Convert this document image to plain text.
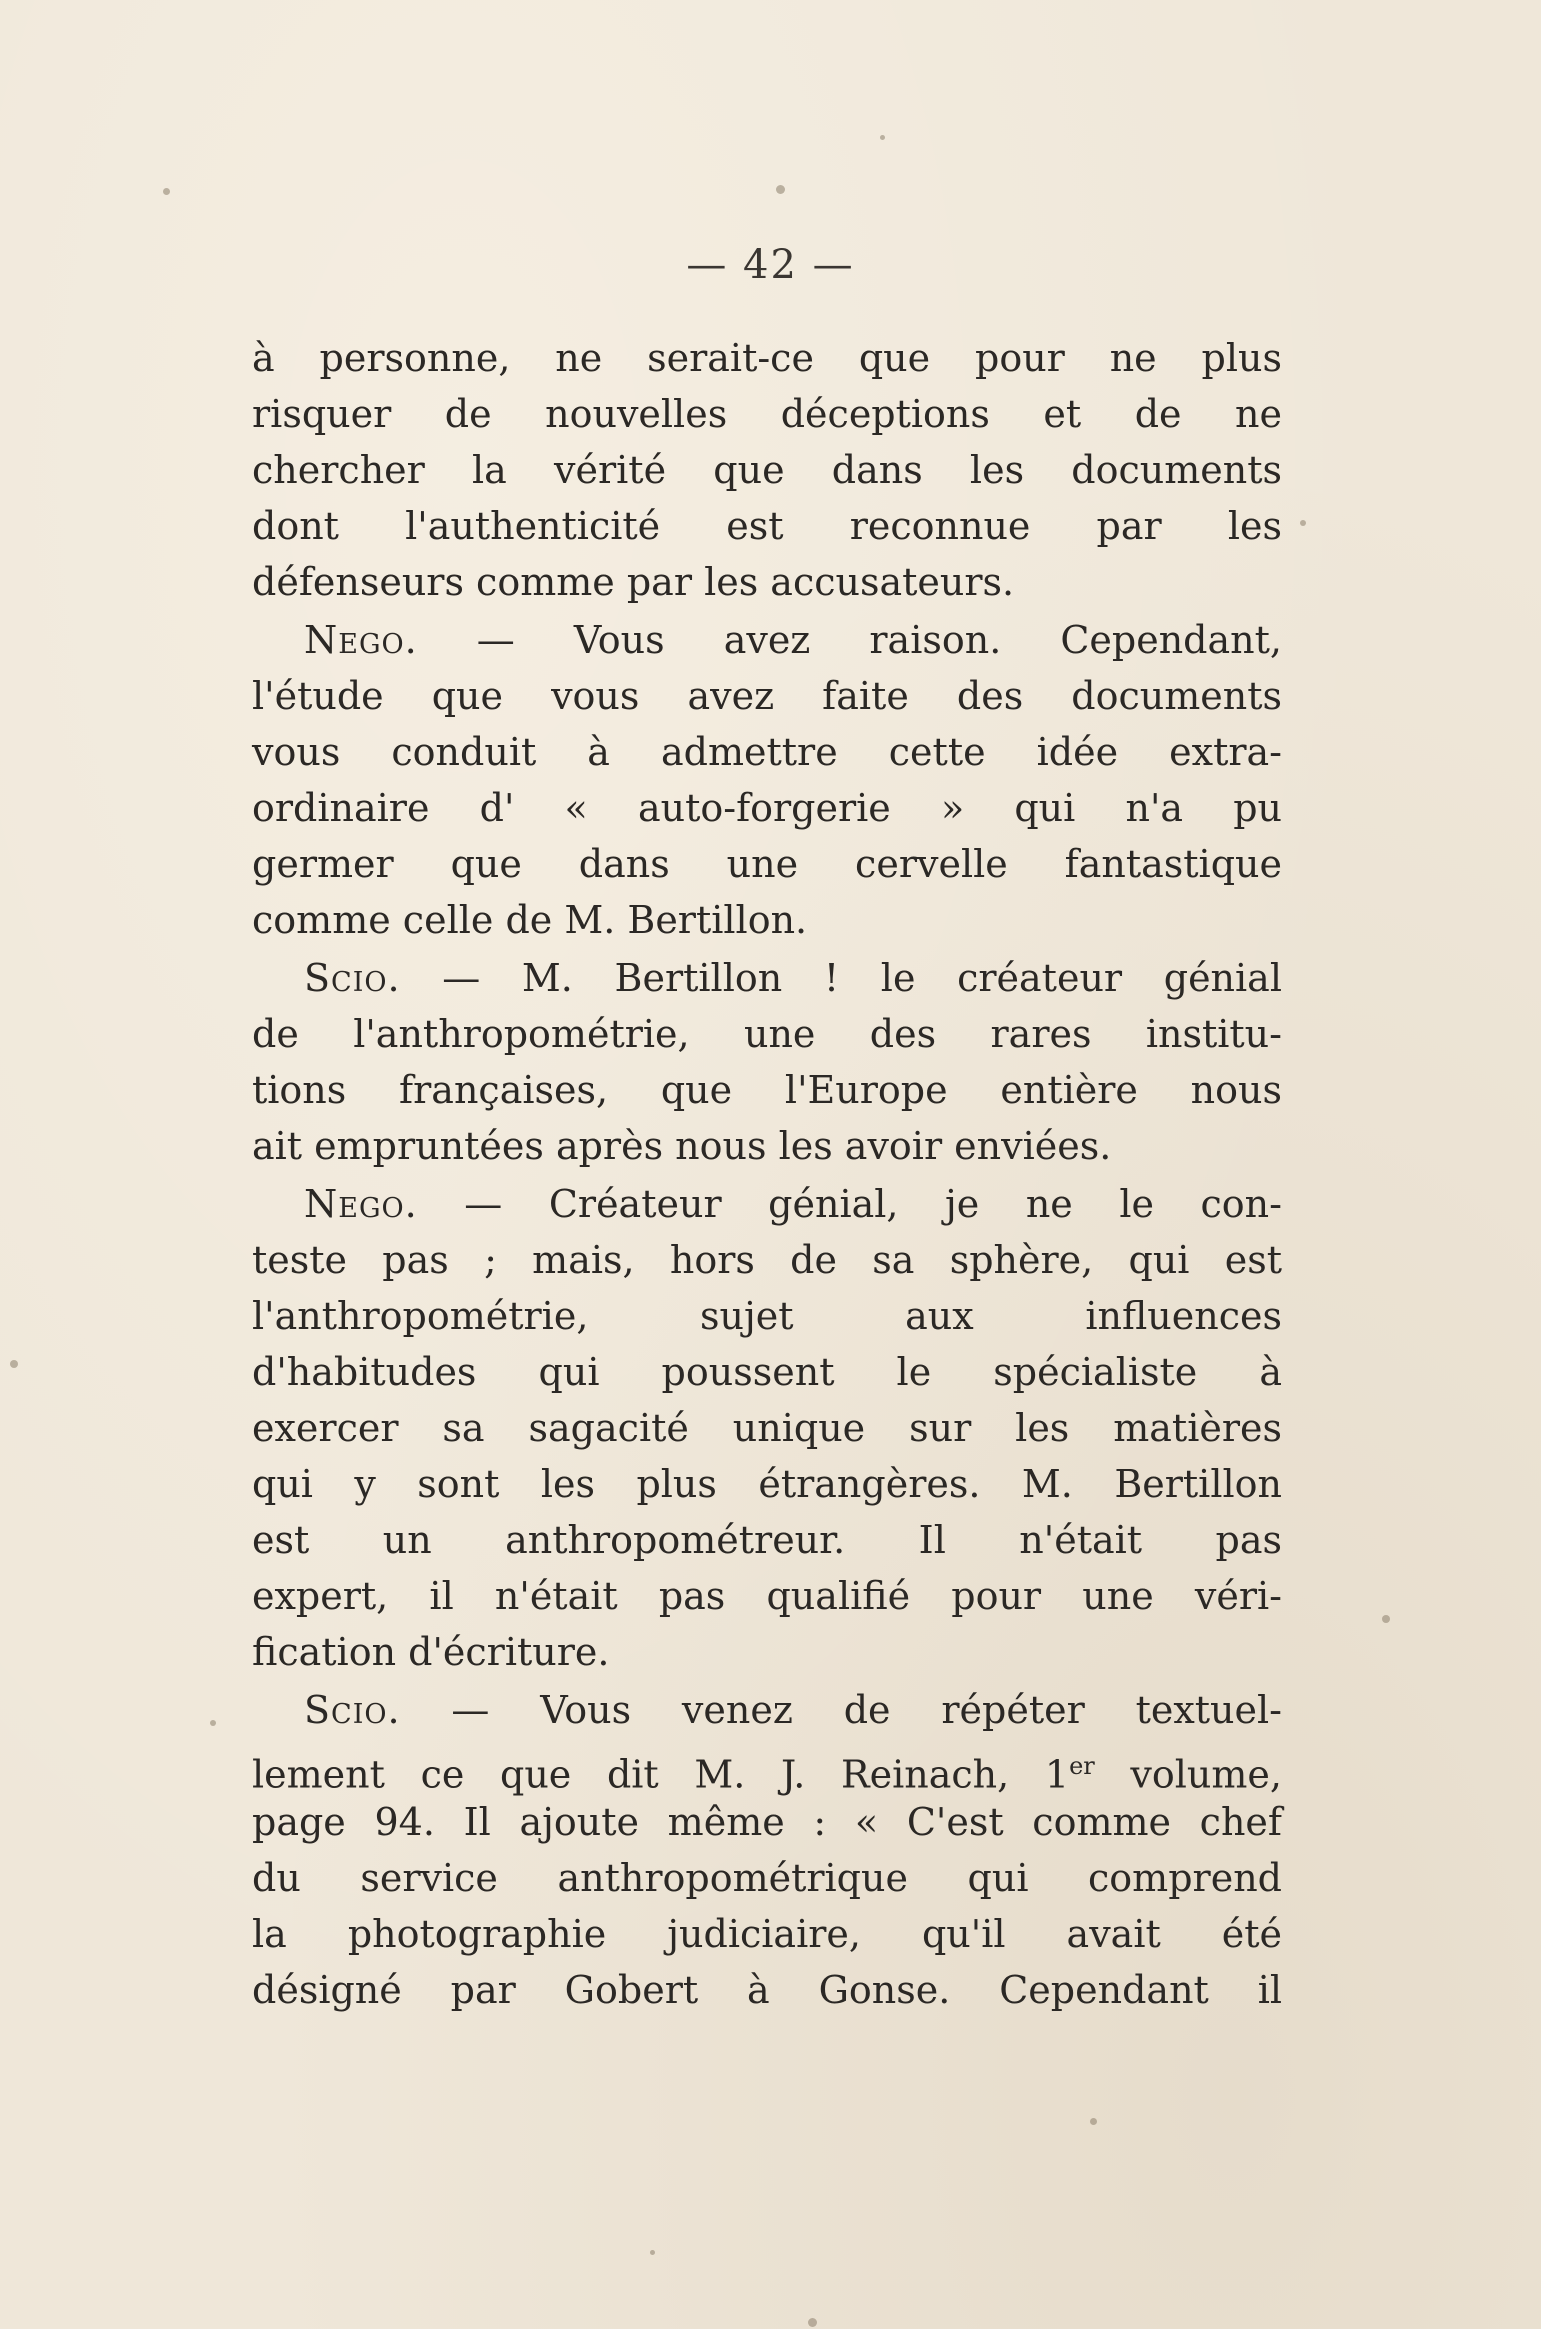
— 42 —
à personne, ne serait-ce que pour ne plus
risquer de nouvelles déceptions et de ne
chercher la vérité que dans les documents
dont l'authenticité est reconnue par les
défenseurs comme par les accusateurs.
Nego. — Vous avez raison. Cependant,
l'étude que vous avez faite des documents
vous conduit à admettre cette idée extra-
ordinaire d' « auto-forgerie » qui n'a pu
germer que dans une cervelle fantastique
comme celle de M. Bertillon.
Scio. — M. Bertillon ! le créateur génial
de l'anthropométrie, une des rares institu-
tions françaises, que l'Europe entière nous
ait empruntées après nous les avoir enviées.
Nego. — Créateur génial, je ne le con-
teste pas ; mais, hors de sa sphère, qui est
l'anthropométrie, sujet aux influences
d'habitudes qui poussent le spécialiste à
exercer sa sagacité unique sur les matières
qui y sont les plus étrangères. M. Bertillon
est un anthropométreur. Il n'était pas
expert, il n'était pas qualifié pour une véri-
fication d'écriture.
Scio. — Vous venez de répéter textuel-
lement ce que dit M. J. Reinach, 1er volume,
page 94. Il ajoute même : « C'est comme chef
du service anthropométrique qui comprend
la photographie judiciaire, qu'il avait été
désigné par Gobert à Gonse. Cependant il
